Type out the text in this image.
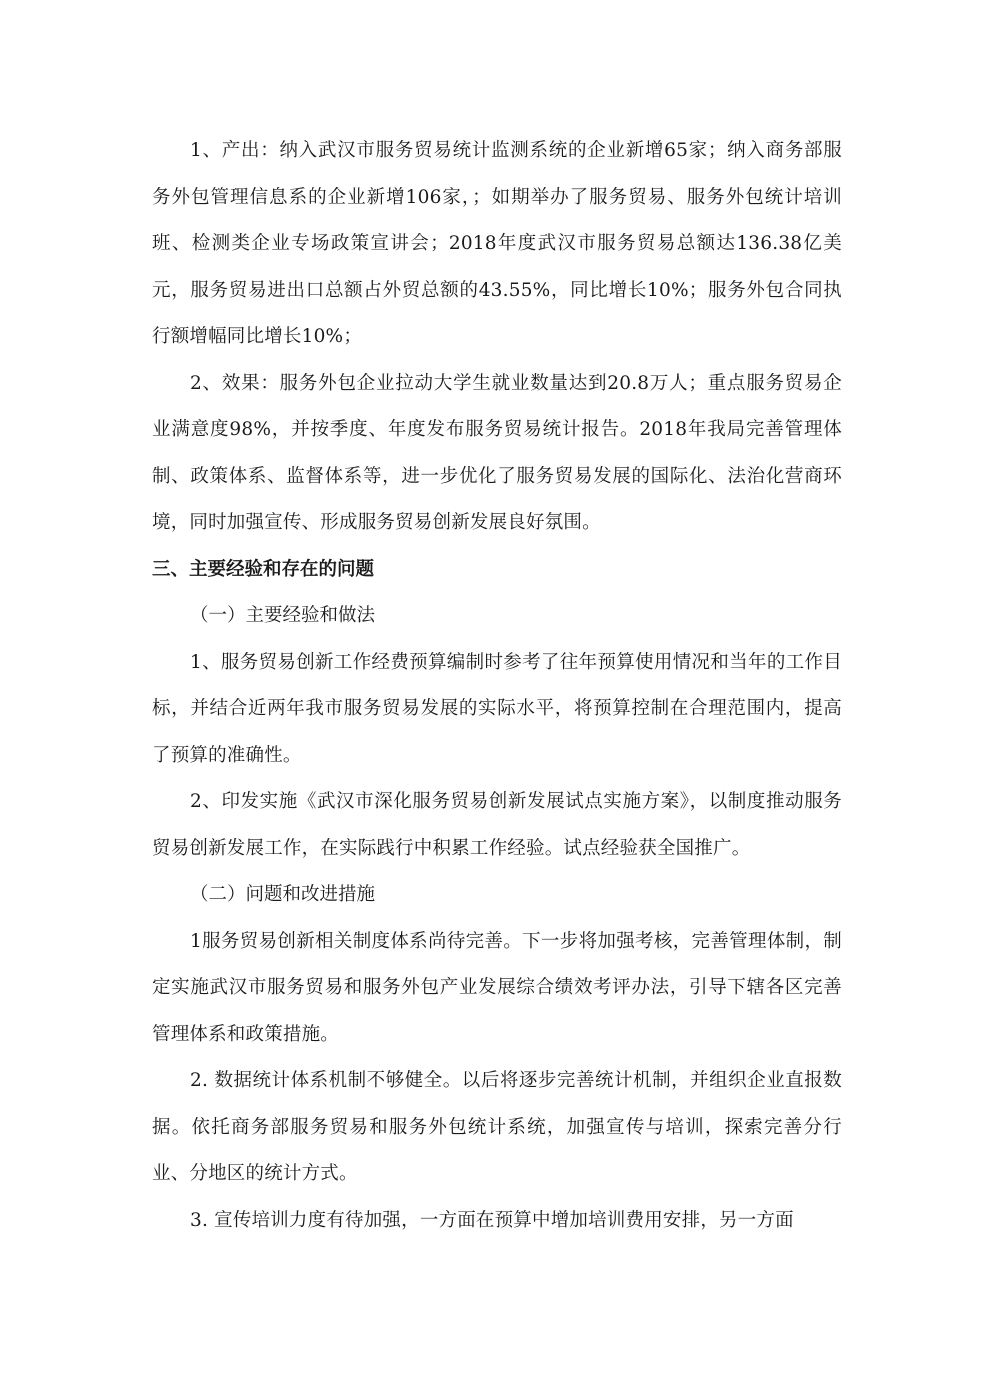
1、产出：纳入武汉市服务贸易统计监测系统的企业新增65家；纳入商务部服务外包管理信息系的企业新增106家，；如期举办了服务贸易、服务外包统计培训班、检测类企业专场政策宣讲会；2018年度武汉市服务贸易总额达136.38亿美元，服务贸易进出口总额占外贸总额的43.55%，同比增长10%；服务外包合同执行额增幅同比增长10%；

2、效果：服务外包企业拉动大学生就业数量达到20.8万人；重点服务贸易企业满意度98%，并按季度、年度发布服务贸易统计报告。2018年我局完善管理体制、政策体系、监督体系等，进一步优化了服务贸易发展的国际化、法治化营商环境，同时加强宣传、形成服务贸易创新发展良好氛围。

三、主要经验和存在的问题

（一）主要经验和做法

1、服务贸易创新工作经费预算编制时参考了往年预算使用情况和当年的工作目标，并结合近两年我市服务贸易发展的实际水平，将预算控制在合理范围内，提高了预算的准确性。

2、印发实施《武汉市深化服务贸易创新发展试点实施方案》，以制度推动服务贸易创新发展工作，在实际践行中积累工作经验。试点经验获全国推广。

（二）问题和改进措施

1服务贸易创新相关制度体系尚待完善。下一步将加强考核，完善管理体制，制定实施武汉市服务贸易和服务外包产业发展综合绩效考评办法，引导下辖各区完善管理体系和政策措施。

2. 数据统计体系机制不够健全。以后将逐步完善统计机制，并组织企业直报数据。依托商务部服务贸易和服务外包统计系统，加强宣传与培训，探索完善分行业、分地区的统计方式。

3. 宣传培训力度有待加强，一方面在预算中增加培训费用安排，另一方面
